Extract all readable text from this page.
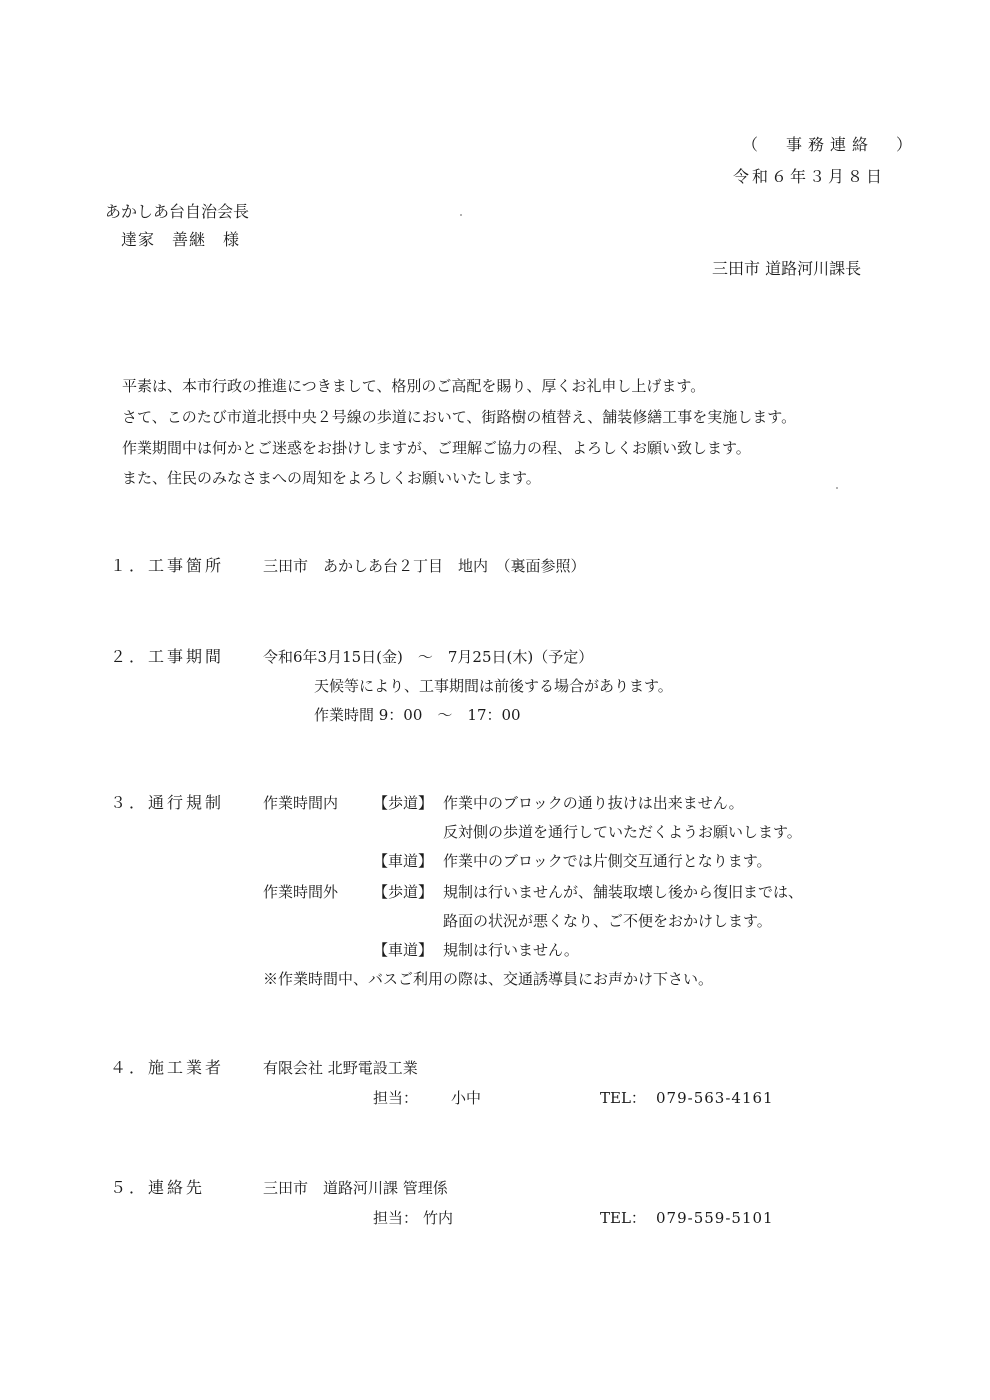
（　事務連絡　）
令和６年３月８日
あかしあ台自治会長
達家　善継　様
三田市 道路河川課長
平素は、本市行政の推進につきまして、格別のご高配を賜り、厚くお礼申し上げます。
さて、このたび市道北摂中央２号線の歩道において、街路樹の植替え、舗装修繕工事を実施します。
作業期間中は何かとご迷惑をお掛けしますが、ご理解ご協力の程、よろしくお願い致します。
また、住民のみなさまへの周知をよろしくお願いいたします。
１．工事箇所	三田市　あかしあ台２丁目　地内　（裏面参照）
２．工事期間	令和6年3月15日(金)　～　7月25日(木)（予定）
天候等により、工事期間は前後する場合があります。
作業時間 9：00　～　17：00
３．通行規制	作業時間内 【歩道】 作業中のブロックの通り抜けは出来ません。
反対側の歩道を通行していただくようお願いします。
【車道】 作業中のブロックでは片側交互通行となります。
作業時間外 【歩道】 規制は行いませんが、舗装取壊し後から復旧までは、
路面の状況が悪くなり、ご不便をおかけします。
【車道】 規制は行いません。
※作業時間中、バスご利用の際は、交通誘導員にお声かけ下さい。
４．施工業者	有限会社 北野電設工業
担当： 小中	TEL： 079-563-4161
５．連絡先	三田市　道路河川課 管理係
担当： 竹内	TEL： 079-559-5101
